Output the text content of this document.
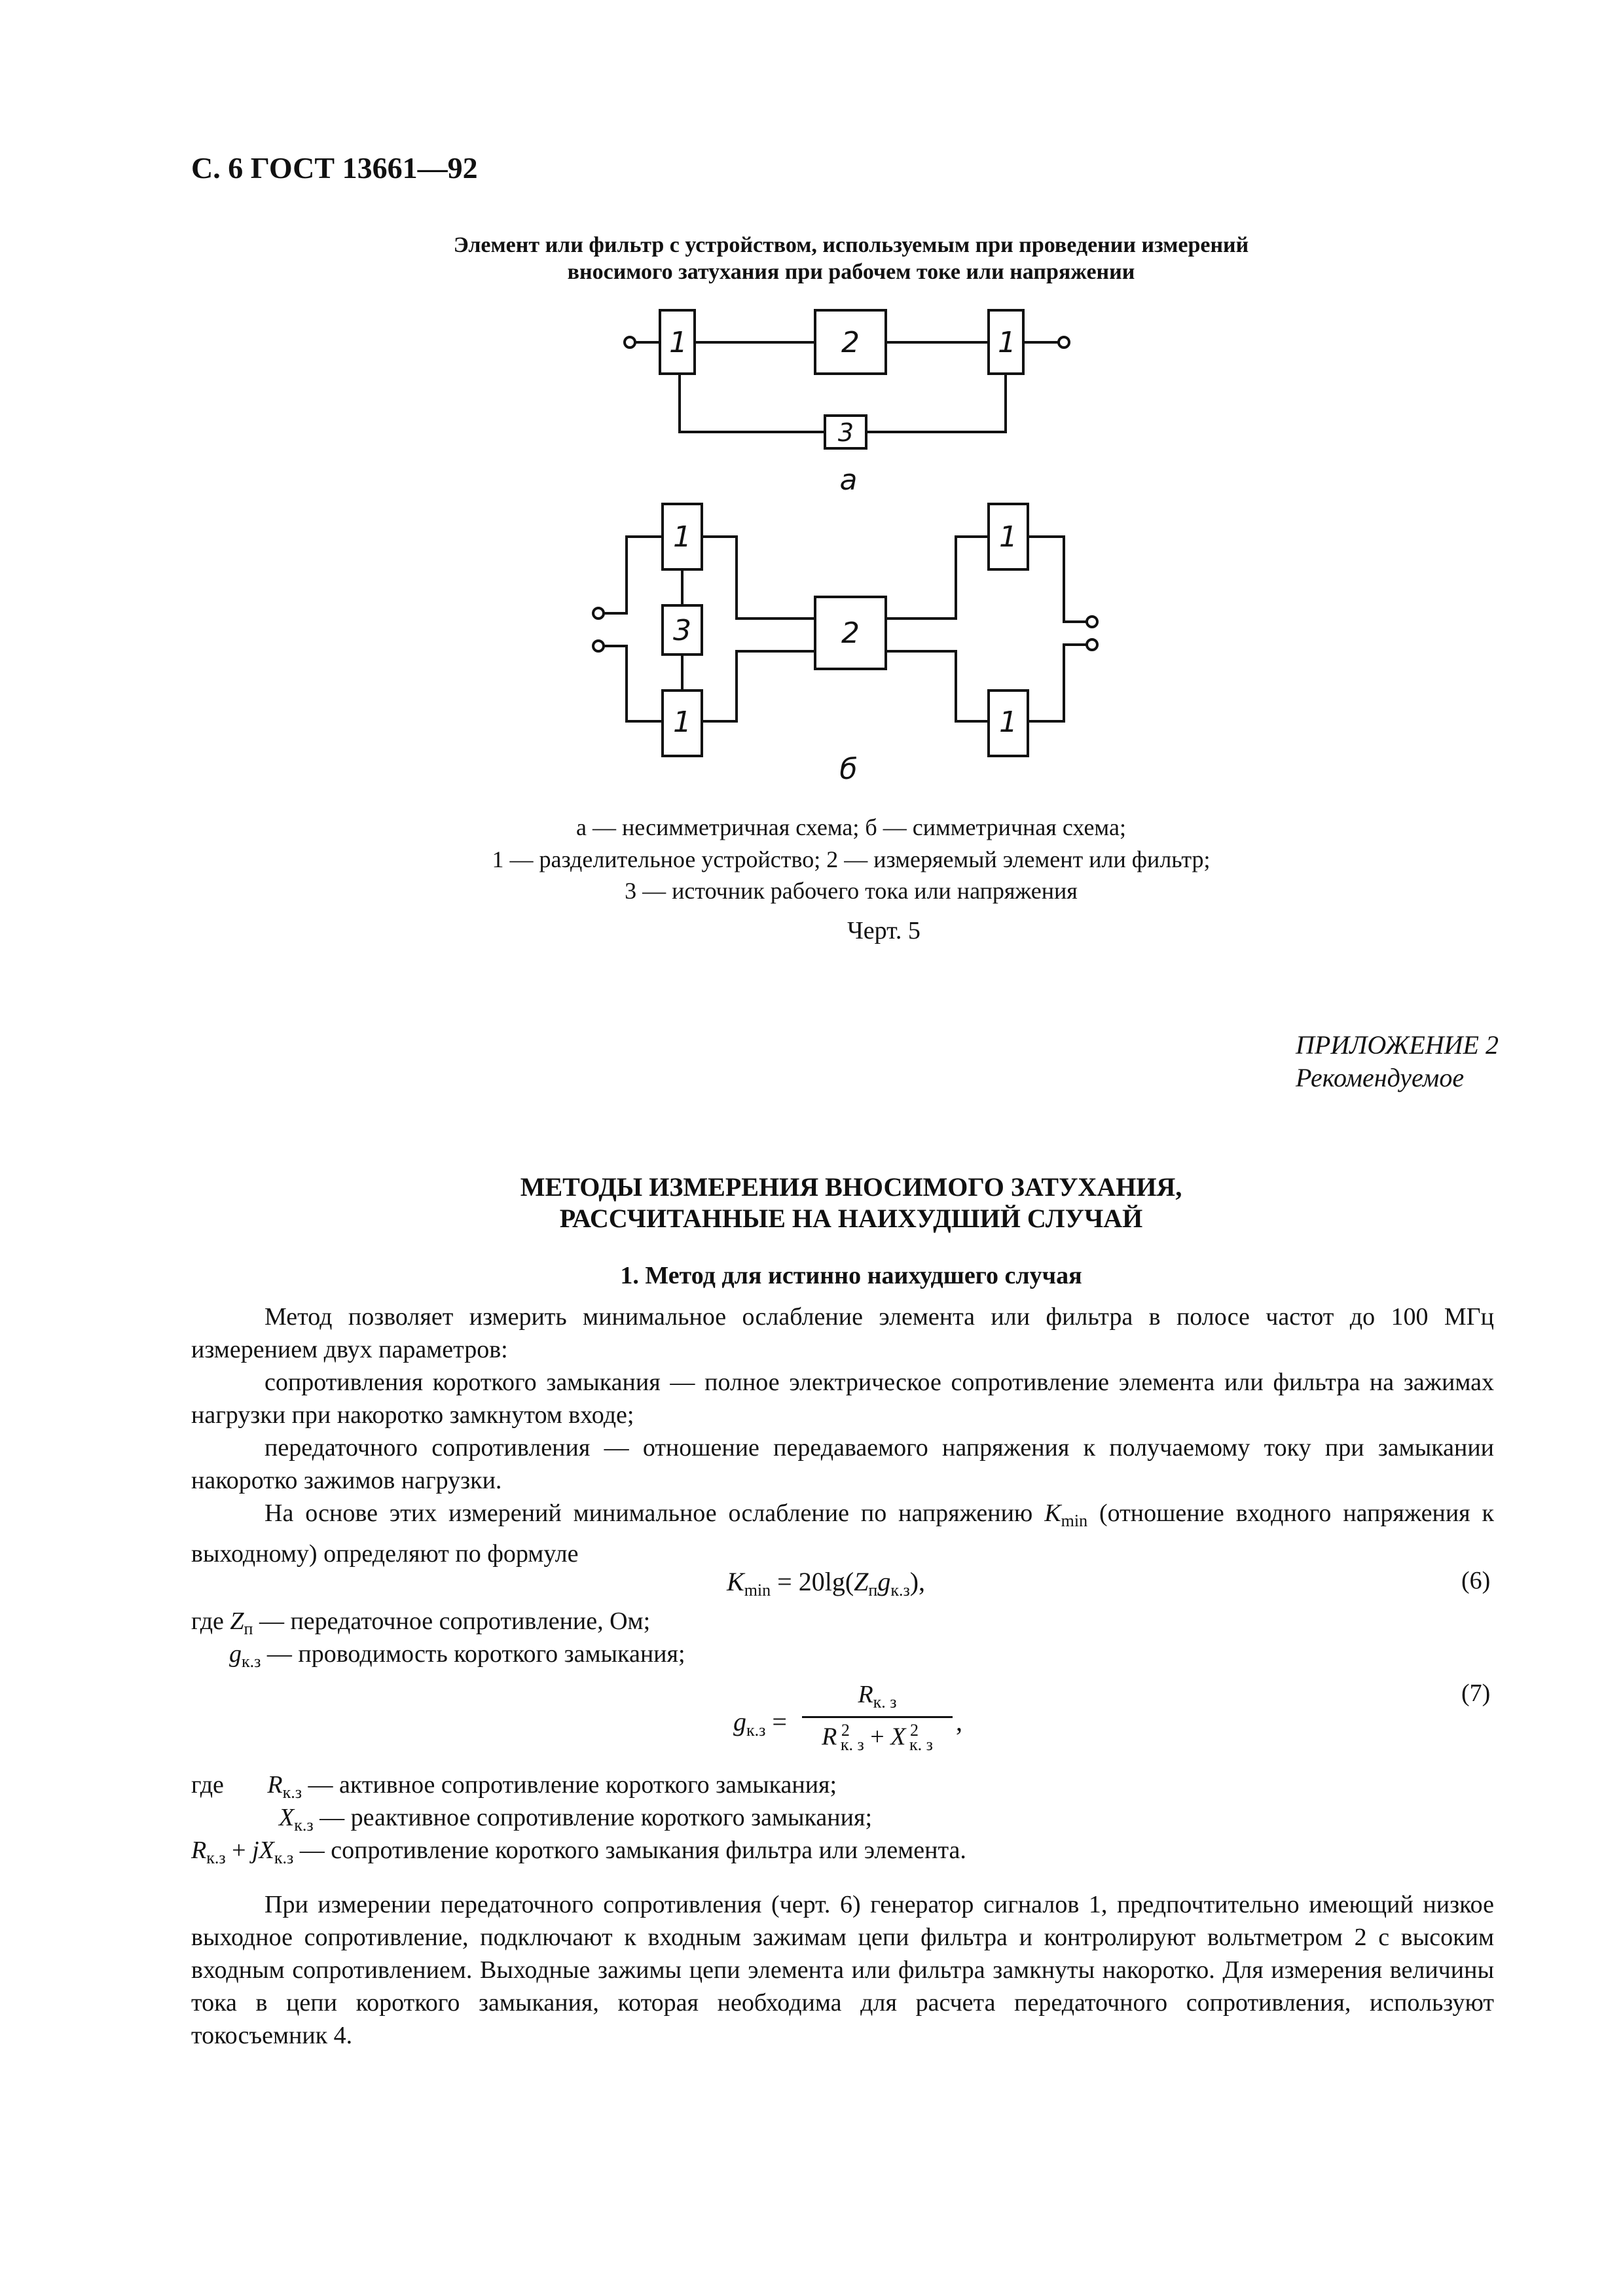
С. 6 ГОСТ 13661—92
Элемент или фильтр с устройством, используемым при проведении измерений
вносимого затухания при рабочем токе или напряжении
1	2	1
3
а
1
3
1
2
1
1
б
а — несимметричная схема; б — симметричная схема;
1 — разделительное устройство; 2 — измеряемый элемент или фильтр;
3 — источник рабочего тока или напряжения
Черт. 5
ПРИЛОЖЕНИЕ 2
Рекомендуемое
МЕТОДЫ ИЗМЕРЕНИЯ ВНОСИМОГО ЗАТУХАНИЯ,
РАССЧИТАННЫЕ НА НАИХУДШИЙ СЛУЧАЙ
1. Метод для истинно наихудшего случая
Метод позволяет измерить минимальное ослабление элемента или фильтра в полосе частот до 100 МГц измерением двух параметров:
сопротивления короткого замыкания — полное электрическое сопротивление элемента или фильтра на зажимах нагрузки при накоротко замкнутом входе;
передаточного сопротивления — отношение передаваемого напряжения к получаемому току при замыкании накоротко зажимов нагрузки.
На основе этих измерений минимальное ослабление по напряжению $K_{min}$ (отношение входного напряжения к выходному) определяют по формуле
$K_{min} = 20\lg(Z_пg_{к.з})$,	(6)
где $Z_п$ — передаточное сопротивление, Ом;
$g_{к.з}$ — проводимость короткого замыкания;
$g_{к.з}$ =
$R_{к. з}$
R $^2_{к. з}$ + X $^2_{к. з}$
,
(7)
где       $R_{к.з}$ — активное сопротивление короткого замыкания;
$X_{к.з}$ — реактивное сопротивление короткого замыкания;
$R_{к.з} + jX_{к.з}$ — сопротивление короткого замыкания фильтра или элемента.
При измерении передаточного сопротивления (черт. 6) генератор сигналов 1, предпочтительно имеющий низкое выходное сопротивление, подключают к входным зажимам цепи фильтра и контролируют вольтметром 2 с высоким входным сопротивлением. Выходные зажимы цепи элемента или фильтра замкнуты накоротко. Для измерения величины тока в цепи короткого замыкания, которая необходима для расчета передаточного сопротивления, используют токосъемник 4.
